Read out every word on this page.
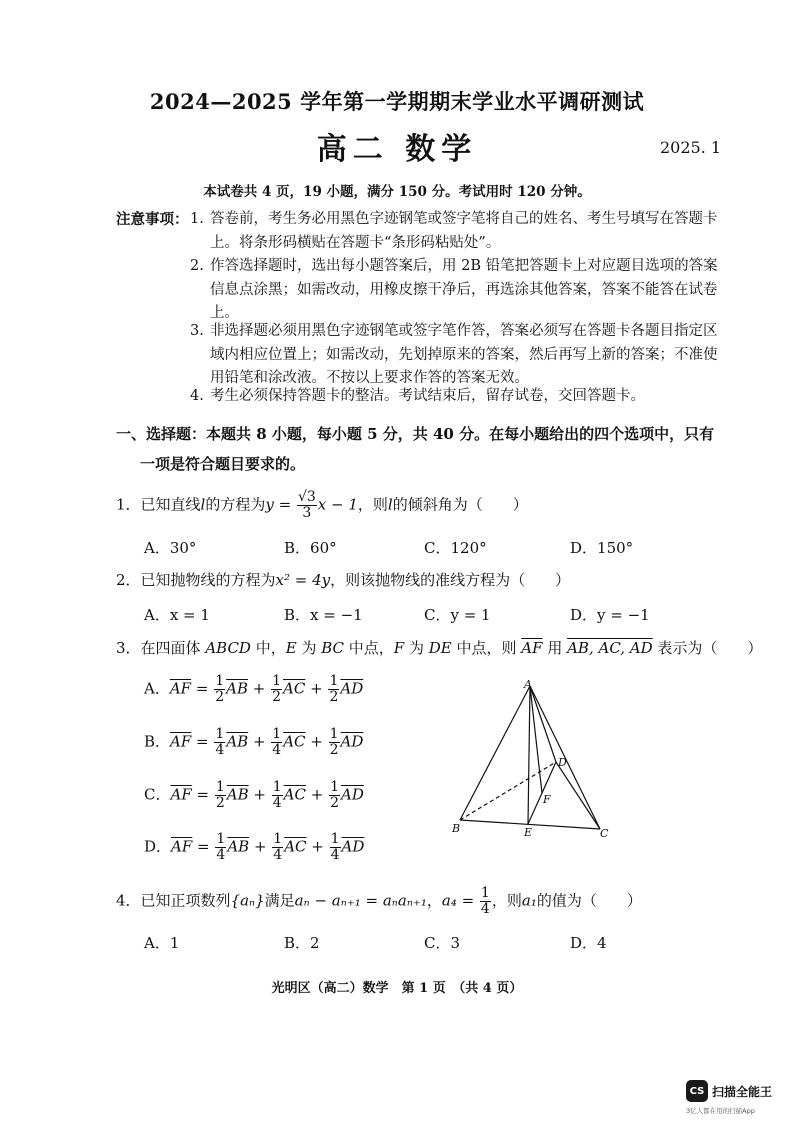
2024—2025 学年第一学期期末学业水平调研测试
高二 数学	2025. 1
本试卷共 4 页，19 小题，满分 150 分。考试用时 120 分钟。
注意事项： 1. 答卷前，考生务必用黑色字迹钢笔或签字笔将自己的姓名、考生号填写在答题卡上。将条形码横贴在答题卡“条形码粘贴处”。
2. 作答选择题时，选出每小题答案后，用 2B 铅笔把答题卡上对应题目选项的答案信息点涂黑；如需改动，用橡皮擦干净后，再选涂其他答案，答案不能答在试卷上。
3. 非选择题必须用黑色字迹钢笔或签字笔作答，答案必须写在答题卡各题目指定区域内相应位置上；如需改动，先划掉原来的答案，然后再写上新的答案；不准使用铅笔和涂改液。不按以上要求作答的答案无效。
4. 考生必须保持答题卡的整洁。考试结束后，留存试卷，交回答题卡。
一、选择题：本题共 8 小题，每小题 5 分，共 40 分。在每小题给出的四个选项中，只有
一项是符合题目要求的。
1．已知直线l的方程为$y = \frac{√3}{3}$ x − 1，则l的倾斜角为（　　）
A．30°	B．60°	C．120°	D．150°
2．已知抛物线的方程为x² = 4y，则该抛物线的准线方程为（　　）
A．x = 1	B．x = −1	C．y = 1	D．y = −1
3．在四面体 ABCD 中，E 为 BC 中点，F 为 DE 中点，则 $\overline{AF}$ 用 AB, AC, AD 表示为（　　）
A．$\overline{AF} = \frac{1}{2} \overline{AB} + \frac{1}{2} \overline{AC} + \frac{1}{2} \overline{AD}$
B．$\overline{AF} = \frac{1}{4} \overline{AB} + \frac{1}{4} \overline{AC} + \frac{1}{2} \overline{AD}$
C．$\overline{AF} = \frac{1}{2} \overline{AB} + \frac{1}{4} \overline{AC} + \frac{1}{2} \overline{AD}$
D．$\overline{AF} = \frac{1}{4} \overline{AB} + \frac{1}{4} \overline{AC} + \frac{1}{4} \overline{AD}$
A
B	C
D
E
F
4．已知正项数列{aₙ}满足aₙ − aₙ₊₁ = aₙaₙ₊₁，$a_4 = \frac{1}{4}$ ，则a₁的值为（　　）
A．1	B．2	C．3	D．4
光明区（高二）数学　第 1 页　（共 4 页）
CS 扫描全能王
3亿人都在用的扫描App
